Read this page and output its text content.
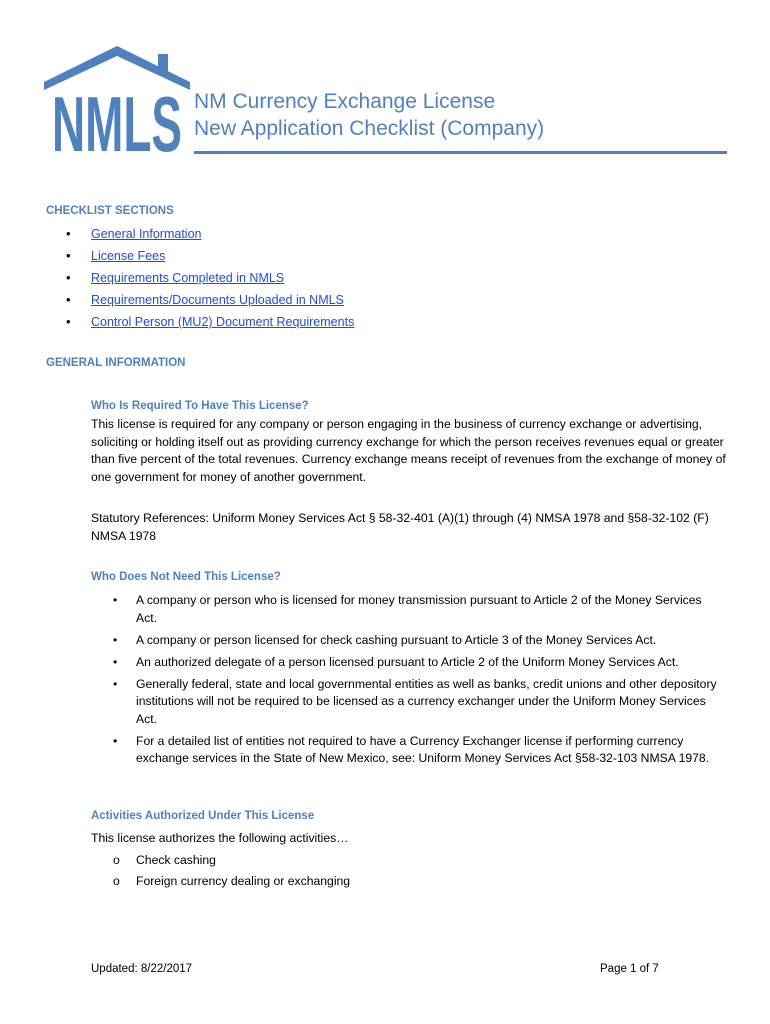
NMLS NM Currency Exchange License
New Application Checklist (Company)
CHECKLIST SECTIONS
• General Information
• License Fees
• Requirements Completed in NMLS
• Requirements/Documents Uploaded in NMLS
• Control Person (MU2) Document Requirements
GENERAL INFORMATION
Who Is Required To Have This License?

This license is required for any company or person engaging in the business of currency exchange or advertising, soliciting or holding itself out as providing currency exchange for which the person receives revenues equal or greater than five percent of the total revenues. Currency exchange means receipt of revenues from the exchange of money of one government for money of another government.

Statutory References: Uniform Money Services Act § 58-32-401 (A)(1) through (4) NMSA 1978 and §58-32-102 (F) NMSA 1978

Who Does Not Need This License?
• A company or person who is licensed for money transmission pursuant to Article 2 of the Money Services Act.
• A company or person licensed for check cashing pursuant to Article 3 of the Money Services Act.
• An authorized delegate of a person licensed pursuant to Article 2 of the Uniform Money Services Act.
• Generally federal, state and local governmental entities as well as banks, credit unions and other depository institutions will not be required to be licensed as a currency exchanger under the Uniform Money Services Act.
• For a detailed list of entities not required to have a Currency Exchanger license if performing currency exchange services in the State of New Mexico, see: Uniform Money Services Act §58-32-103 NMSA 1978.
Activities Authorized Under This License

This license authorizes the following activities…

o Check cashing
o Foreign currency dealing or exchanging
Updated: 8/22/2017	Page 1 of 7
